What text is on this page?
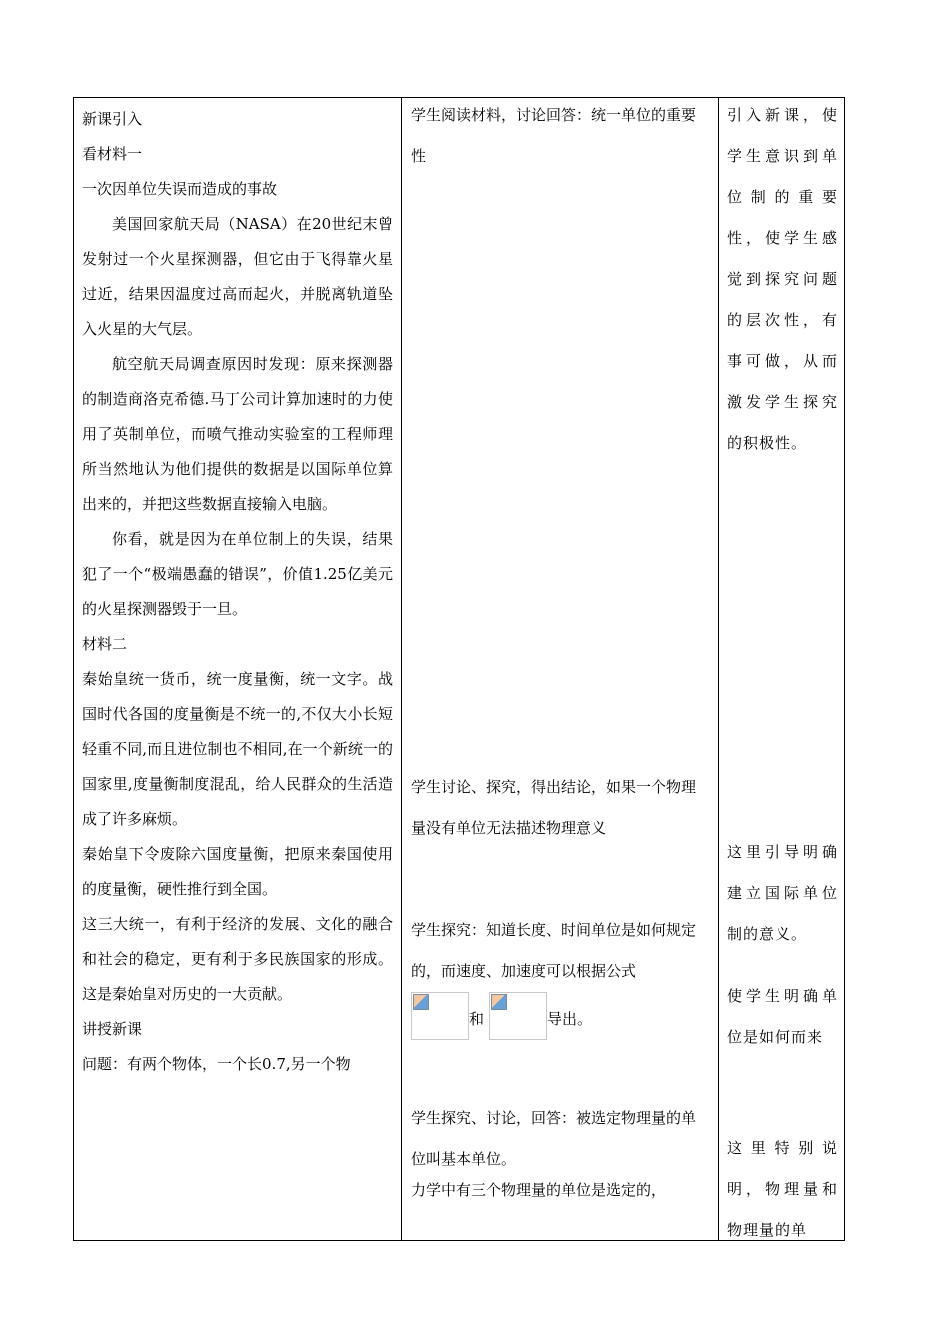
新课引入

看材料一

一次因单位失误而造成的事故

美国回家航天局（NASA）在20世纪末曾发射过一个火星探测器，但它由于飞得靠火星过近，结果因温度过高而起火，并脱离轨道坠入火星的大气层。

航空航天局调查原因时发现：原来探测器的制造商洛克希德.马丁公司计算加速时的力使用了英制单位，而喷气推动实验室的工程师理所当然地认为他们提供的数据是以国际单位算出来的，并把这些数据直接输入电脑。

你看，就是因为在单位制上的失误，结果犯了一个“极端愚蠢的错误”，价值1.25亿美元的火星探测器毁于一旦。

材料二

秦始皇统一货币，统一度量衡，统一文字。战国时代各国的度量衡是不统一的,不仅大小长短轻重不同,而且进位制也不相同,在一个新统一的国家里,度量衡制度混乱，给人民群众的生活造成了许多麻烦。

秦始皇下令废除六国度量衡，把原来秦国使用的度量衡，硬性推行到全国。

这三大统一，有利于经济的发展、文化的融合和社会的稳定，更有利于多民族国家的形成。这是秦始皇对历史的一大贡献。

讲授新课

问题：有两个物体，一个长0.7,另一个物

学生阅读材料，讨论回答：统一单位的重要性

学生讨论、探究，得出结论，如果一个物理量没有单位无法描述物理意义

学生探究：知道长度、时间单位是如何规定的，而速度、加速度可以根据公式

和	导出。

学生探究、讨论，回答：被选定物理量的单位叫基本单位。

力学中有三个物理量的单位是选定的，

引入新课，使学生意识到单位制的重要性，使学生感觉到探究问题的层次性，有事可做，从而激发学生探究的积极性。

这里引导明确建立国际单位制的意义。

使学生明确单位是如何而来

这里特别说明，物理量和物理量的单
